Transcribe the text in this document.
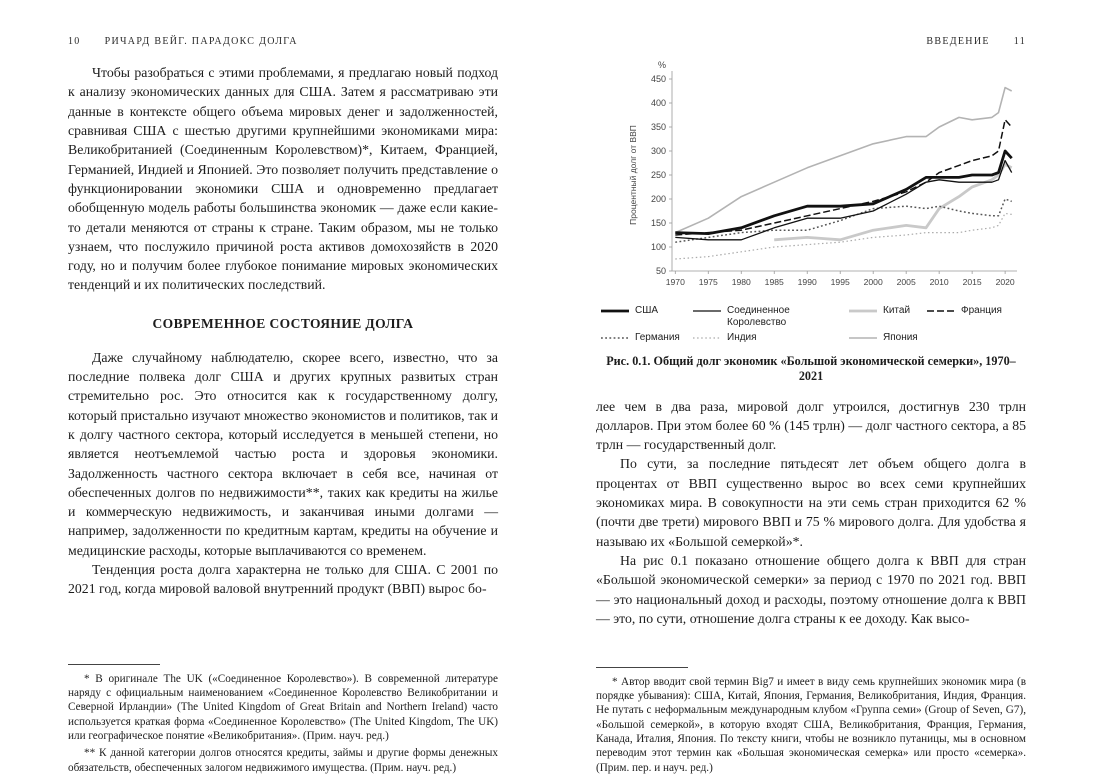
10 РИЧАРД ВЕЙГ. ПАРАДОКС ДОЛГА

Чтобы разобраться с этими проблемами, я предлагаю новый подход к анализу экономических данных для США. Затем я рассматриваю эти данные в контексте общего объема мировых денег и задолженностей, сравнивая США с шестью другими крупнейшими экономиками мира: Великобританией (Соединенным Королевством)*, Китаем, Францией, Германией, Индией и Японией. Это позволяет получить представление о функционировании экономики США и одновременно предлагает обобщенную модель работы большинства экономик — даже если какие-то детали меняются от страны к стране. Таким образом, мы не только узнаем, что послужило причиной роста активов домохозяйств в 2020 году, но и получим более глубокое понимание мировых экономических тенденций и их политических последствий.

СОВРЕМЕННОЕ СОСТОЯНИЕ ДОЛГА

Даже случайному наблюдателю, скорее всего, известно, что за последние полвека долг США и других крупных развитых стран стремительно рос. Это относится как к государственному долгу, который пристально изучают множество экономистов и политиков, так и к долгу частного сектора, который исследуется в меньшей степени, но является неотъемлемой частью роста и здоровья экономики. Задолженность частного сектора включает в себя все, начиная от обеспеченных долгов по недвижимости**, таких как кредиты на жилье и коммерческую недвижимость, и заканчивая иными долгами — например, задолженности по кредитным картам, кредиты на обучение и медицинские расходы, которые выплачиваются со временем.

Тенденция роста долга характерна не только для США. С 2001 по 2021 год, когда мировой валовой внутренний продукт (ВВП) вырос бо-

* В оригинале The UK («Соединенное Королевство»). В современной литературе наряду с официальным наименованием «Соединенное Королевство Великобритании и Северной Ирландии» (The United Kingdom of Great Britain and Northern Ireland) часто используется краткая форма «Соединенное Королевство» (The United Kingdom, The UK) или географическое понятие «Великобритания». (Прим. науч. ред.)

** К данной категории долгов относятся кредиты, займы и другие формы денежных обязательств, обеспеченных залогом недвижимого имущества. (Прим. науч. ред.)

ВВЕДЕНИЕ 11
450
400
350
300
250
200
150
100
50
%
1970 1975 1980 1985 1990 1995 2000 2005 2010 2015 2020
Процентный долг от ВВП
США	Соединенное Королевство
Китай	Франция
Германия	Индия	Япония
Рис. 0.1. Общий долг экономик «Большой экономической семерки», 1970–2021

лее чем в два раза, мировой долг утроился, достигнув 230 трлн долларов. При этом более 60 % (145 трлн) — долг частного сектора, а 85 трлн — государственный долг.

По сути, за последние пятьдесят лет объем общего долга в процентах от ВВП существенно вырос во всех семи крупнейших экономиках мира. В совокупности на эти семь стран приходится 62 % (почти две трети) мирового ВВП и 75 % мирового долга. Для удобства я называю их «Большой семеркой»*.

На рис 0.1 показано отношение общего долга к ВВП для стран «Большой экономической семерки» за период с 1970 по 2021 год. ВВП — это национальный доход и расходы, поэтому отношение долга к ВВП — это, по сути, отношение долга страны к ее доходу. Как высо-

* Автор вводит свой термин Big7 и имеет в виду семь крупнейших экономик мира (в порядке убывания): США, Китай, Япония, Германия, Великобритания, Индия, Франция. Не путать с неформальным международным клубом «Группа семи» (Group of Seven, G7), «Большой семеркой», в которую входят США, Великобритания, Франция, Германия, Канада, Италия, Япония. По тексту книги, чтобы не возникло путаницы, мы в основном переводим этот термин как «Большая экономическая семерка» или просто «семерка». (Прим. пер. и науч. ред.)
